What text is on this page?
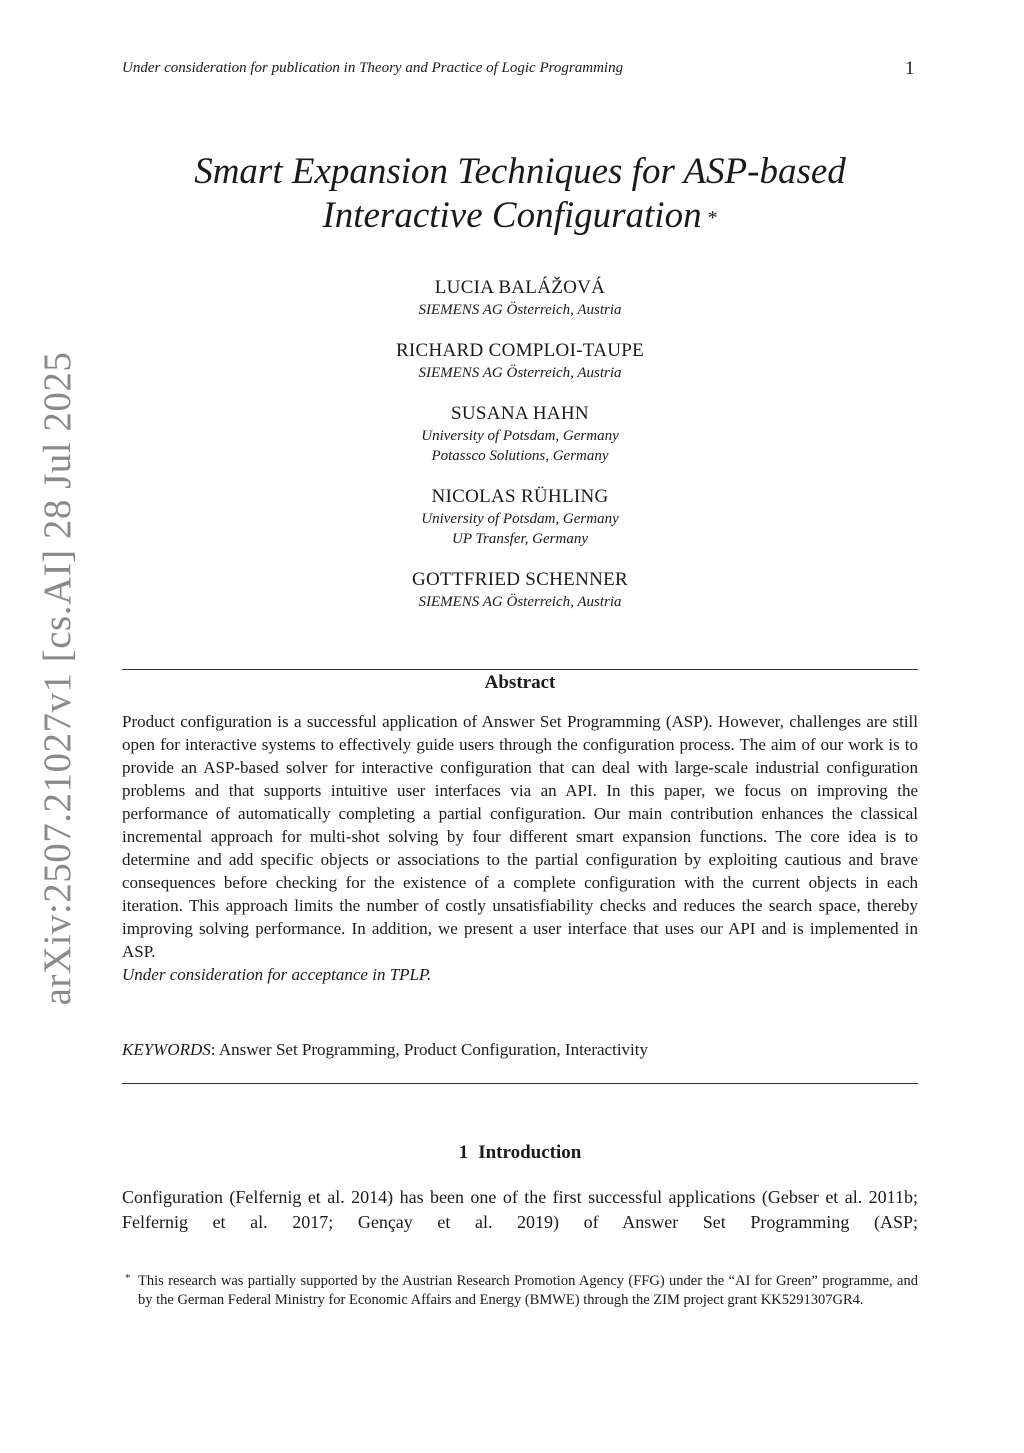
Under consideration for publication in Theory and Practice of Logic Programming	1
arXiv:2507.21027v1 [cs.AI] 28 Jul 2025
Smart Expansion Techniques for ASP-based
Interactive Configuration *
LUCIA BALÁŽOVÁ
SIEMENS AG Österreich, Austria
RICHARD COMPLOI-TAUPE
SIEMENS AG Österreich, Austria
SUSANA HAHN
University of Potsdam, Germany
Potassco Solutions, Germany
NICOLAS RÜHLING
University of Potsdam, Germany
UP Transfer, Germany
GOTTFRIED SCHENNER
SIEMENS AG Österreich, Austria
Abstract
Product configuration is a successful application of Answer Set Programming (ASP). However, challenges are still open for interactive systems to effectively guide users through the configuration process. The aim of our work is to provide an ASP-based solver for interactive configuration that can deal with large-scale industrial configuration problems and that supports intuitive user interfaces via an API. In this paper, we focus on improving the performance of automatically completing a partial configuration. Our main contribution enhances the classical incremental approach for multi-shot solving by four different smart expansion functions. The core idea is to determine and add specific objects or associations to the partial configuration by exploiting cautious and brave consequences before checking for the existence of a complete configuration with the current objects in each iteration. This approach limits the number of costly unsatisfiability checks and reduces the search space, thereby improving solving performance. In addition, we present a user interface that uses our API and is implemented in ASP.
Under consideration for acceptance in TPLP.
KEYWORDS: Answer Set Programming, Product Configuration, Interactivity
1 Introduction
Configuration (Felfernig et al. 2014) has been one of the first successful applications (Gebser et al. 2011b; Felfernig et al. 2017; Gençay et al. 2019) of Answer Set Programming (ASP;
* This research was partially supported by the Austrian Research Promotion Agency (FFG) under the “AI for Green” programme, and by the German Federal Ministry for Economic Affairs and Energy (BMWE) through the ZIM project grant KK5291307GR4.
